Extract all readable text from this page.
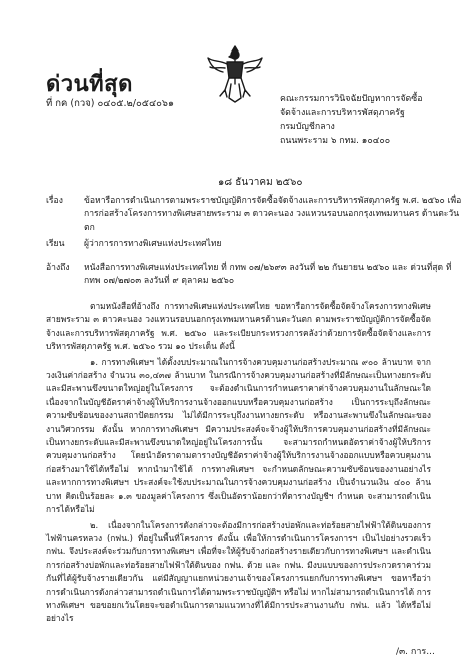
ด่วนที่สุด
ที่ กค (กวจ) ๐๔๐๕.๒/๐๕๔๐๖๑	คณะกรรมการวินิจฉัยปัญหาการจัดซื้อ
จัดจ้างและการบริหารพัสดุภาครัฐ
กรมบัญชีกลาง
ถนนพระราม ๖ กทม. ๑๐๔๐๐
๑๘ ธันวาคม ๒๕๖๐
เรื่อง	ข้อหารือการดำเนินการตามพระราชบัญญัติการจัดซื้อจัดจ้างและการบริหารพัสดุภาครัฐ พ.ศ. ๒๕๖๐ เพื่อการก่อสร้างโครงการทางพิเศษสายพระราม ๓ ดาวคะนอง วงแหวนรอบนอกกรุงเทพมหานคร ด้านตะวันตก
เรียน	ผู้ว่าการการทางพิเศษแห่งประเทศไทย
อ้างถึง	หนังสือการทางพิเศษแห่งประเทศไทย ที่ กทพ ๐๗/๒๖๙๓ ลงวันที่ ๒๒ กันยายน ๒๕๖๐ และ ด่วนที่สุด ที่ กทพ ๐๗/๒๗๐๓ ลงวันที่ ๙ ตุลาคม ๒๕๖๐

ตามหนังสือที่อ้างถึง การทางพิเศษแห่งประเทศไทย ขอหารือการจัดซื้อจัดจ้างโครงการทางพิเศษสายพระราม ๓ ดาวคะนอง วงแหวนรอบนอกกรุงเทพมหานครด้านตะวันตก ตามพระราชบัญญัติการจัดซื้อจัดจ้างและการบริหารพัสดุภาครัฐ พ.ศ. ๒๕๖๐ และระเบียบกระทรวงการคลังว่าด้วยการจัดซื้อจัดจ้างและการบริหารพัสดุภาครัฐ พ.ศ. ๒๕๖๐ รวม ๑๐ ประเด็น ดังนี้

๑. การทางพิเศษฯ ได้ตั้งงบประมาณในการจ้างควบคุมงานก่อสร้างประมาณ ๙๐๐ ล้านบาท จากวงเงินค่าก่อสร้าง จำนวน ๓๐,๔๓๗ ล้านบาท ในกรณีการจ้างควบคุมงานก่อสร้างที่มีลักษณะเป็นทางยกระดับและมีสะพานขึงขนาดใหญ่อยู่ในโครงการ จะต้องดำเนินการกำหนดราคาค่าจ้างควบคุมงานในลักษณะใด เนื่องจากในบัญชีอัตราค่าจ้างผู้ให้บริการงานจ้างออกแบบหรือควบคุมงานก่อสร้าง เป็นการระบุถึงลักษณะความซับซ้อนของงานสถาปัตยกรรม ไม่ได้มีการระบุถึงงานทางยกระดับ หรืองานสะพานขึงในลักษณะของงานวิศวกรรม ดังนั้น หากการทางพิเศษฯ มีความประสงค์จะจ้างผู้ให้บริการควบคุมงานก่อสร้างที่มีลักษณะเป็นทางยกระดับและมีสะพานขึงขนาดใหญ่อยู่ในโครงการนั้น จะสามารถกำหนดอัตราค่าจ้างผู้ให้บริการควบคุมงานก่อสร้าง โดยนำอัตราตามตารางบัญชีอัตราค่าจ้างผู้ให้บริการงานจ้างออกแบบหรือควบคุมงานก่อสร้างมาใช้ได้หรือไม่ หากนำมาใช้ได้ การทางพิเศษฯ จะกำหนดลักษณะความซับซ้อนของงานอย่างไร และหากการทางพิเศษฯ ประสงค์จะใช้งบประมาณในการจ้างควบคุมงานก่อสร้าง เป็นจำนวนเงิน ๔๐๐ ล้านบาท คิดเป็นร้อยละ ๑.๓ ของมูลค่าโครงการ ซึ่งเป็นอัตราน้อยกว่าที่ตารางบัญชีฯ กำหนด จะสามารถดำเนินการได้หรือไม่

๒. เนื่องจากในโครงการดังกล่าวจะต้องมีการก่อสร้างบ่อพักและท่อร้อยสายไฟฟ้าใต้ดินของการไฟฟ้านครหลวง (กฟน.) ที่อยู่ในพื้นที่โครงการ ดังนั้น เพื่อให้การดำเนินการโครงการฯ เป็นไปอย่างรวดเร็ว กฟน. จึงประสงค์จะร่วมกับการทางพิเศษฯ เพื่อที่จะให้ผู้รับจ้างก่อสร้างรายเดียวกับการทางพิเศษฯ และดำเนินการก่อสร้างบ่อพักและท่อร้อยสายไฟฟ้าใต้ดินของ กฟน. ด้วย และ กฟน. มีงบแบบของการประกวดราคาร่วมกันที่ได้ผู้รับจ้างรายเดียวกัน แต่มีสัญญาแยกหน่วยงานเจ้าของโครงการแยกกับการทางพิเศษฯ ขอหารือว่า การดำเนินการดังกล่าวสามารถดำเนินการได้ตามพระราชบัญญัติฯ หรือไม่ หากไม่สามารถดำเนินการได้ การทางพิเศษฯ ขอขอยกเว้นโดยจะขอดำเนินการตามแนวทางที่ได้มีการประสานงานกับ กฟน. แล้ว ได้หรือไม่ อย่างไร

/๓. การ...
